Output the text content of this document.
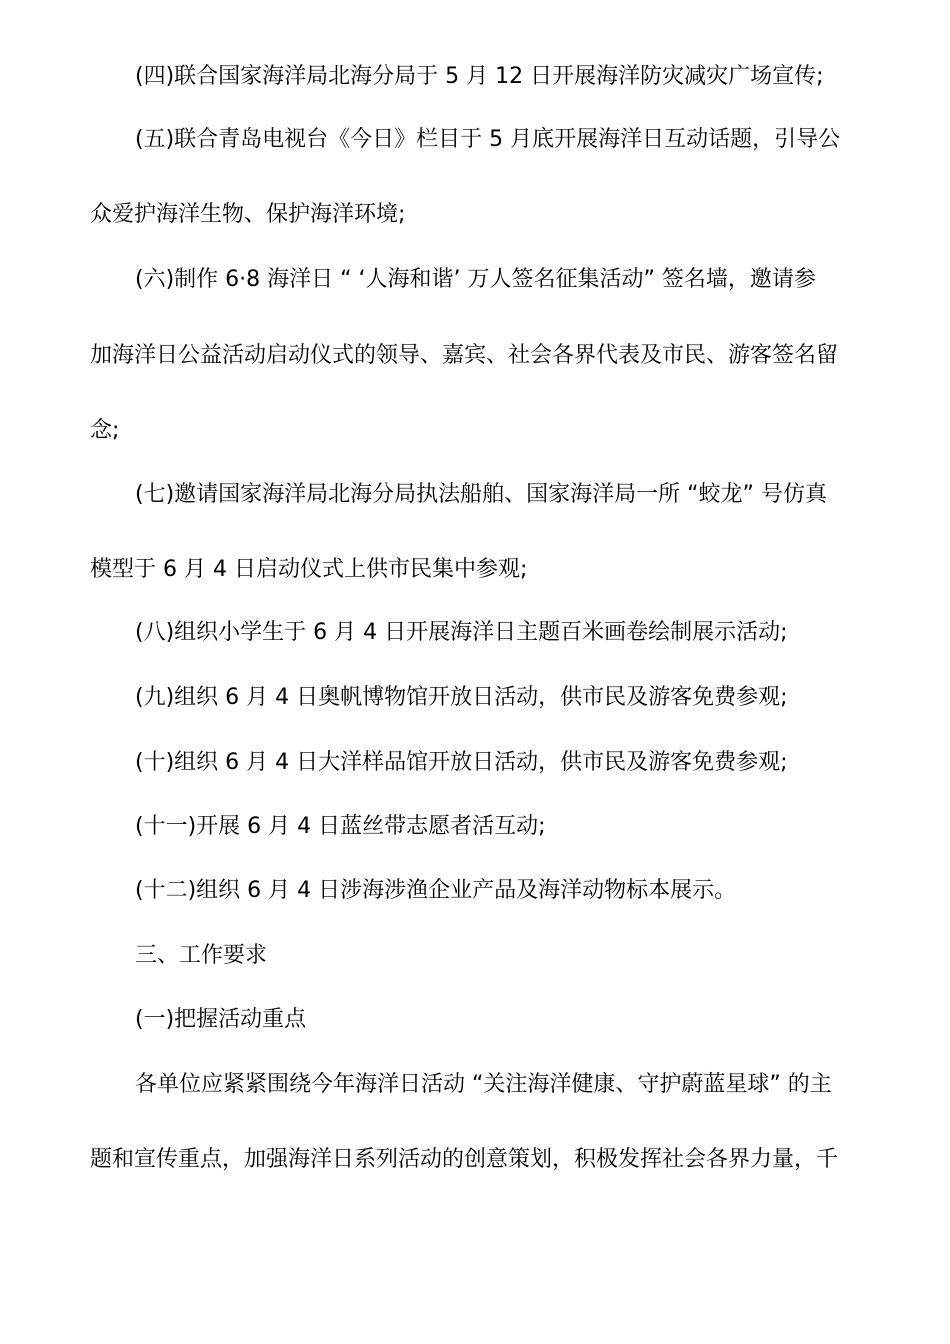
(四)联合国家海洋局北海分局于 5 月 12 日开展海洋防灾减灾广场宣传;
(五)联合青岛电视台《今日》栏目于 5 月底开展海洋日互动话题，引导公
众爱护海洋生物、保护海洋环境;
(六)制作 6·8 海洋日 “ ‘人海和谐’ 万人签名征集活动” 签名墙，邀请参
加海洋日公益活动启动仪式的领导、嘉宾、社会各界代表及市民、游客签名留
念;
(七)邀请国家海洋局北海分局执法船舶、国家海洋局一所 “蛟龙” 号仿真
模型于 6 月 4 日启动仪式上供市民集中参观;
(八)组织小学生于 6 月 4 日开展海洋日主题百米画卷绘制展示活动;
(九)组织 6 月 4 日奥帆博物馆开放日活动，供市民及游客免费参观;
(十)组织 6 月 4 日大洋样品馆开放日活动，供市民及游客免费参观;
(十一)开展 6 月 4 日蓝丝带志愿者活互动;
(十二)组织 6 月 4 日涉海涉渔企业产品及海洋动物标本展示。
三、工作要求
(一)把握活动重点
各单位应紧紧围绕今年海洋日活动 “关注海洋健康、守护蔚蓝星球” 的主
题和宣传重点，加强海洋日系列活动的创意策划，积极发挥社会各界力量，千
